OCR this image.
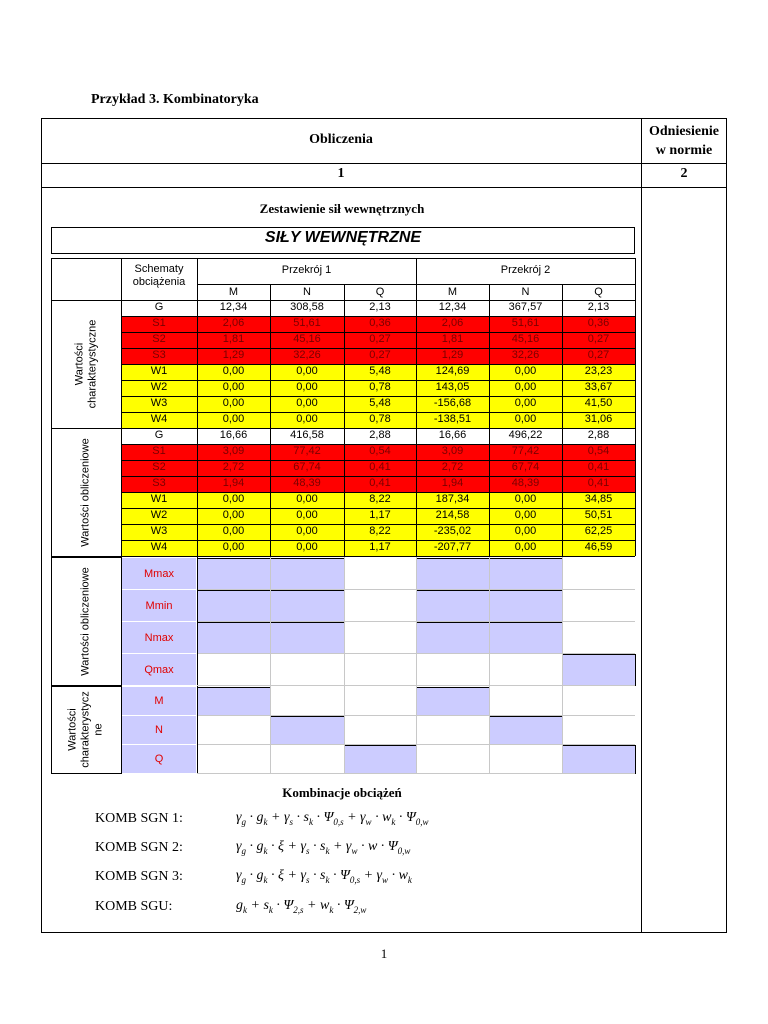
Przykład 3. Kombinatoryka
Obliczenia
Odniesienie
w normie
1	2
Zestawienie sił wewnętrznych
SIŁY WEWNĘTRZNE
Schematy obciążenia
Przekrój 1	Przekrój 2
M	N	Q	M	N	Q
G	12,34	308,58	2,13	12,34	367,57	2,13
S1	2,06	51,61	0,36	2,06	51,61	0,36
S2	1,81	45,16	0,27	1,81	45,16	0,27
S3	1,29	32,26	0,27	1,29	32,26	0,27
W1	0,00	0,00	5,48	124,69	0,00	23,23
W2	0,00	0,00	0,78	143,05	0,00	33,67
W3	0,00	0,00	5,48	-156,68	0,00	41,50
W4	0,00	0,00	0,78	-138,51	0,00	31,06
G	16,66	416,58	2,88	16,66	496,22	2,88
S1	3,09	77,42	0,54	3,09	77,42	0,54
S2	2,72	67,74	0,41	2,72	67,74	0,41
S3	1,94	48,39	0,41	1,94	48,39	0,41
W1	0,00	0,00	8,22	187,34	0,00	34,85
W2	0,00	0,00	1,17	214,58	0,00	50,51
W3	0,00	0,00	8,22	-235,02	0,00	62,25
W4	0,00	0,00	1,17	-207,77	0,00	46,59
Wartości charakterystyczne
Wartości obliczeniowe
Wartości obliczeniowe	Mmax
Mmin
Nmax
Qmax
Wartości charakterystycz ne
M
N
Q
Kombinacje obciążeń
KOMB SGN 1:	$\gamma_g \cdot g_k + \gamma_s \cdot s_k \cdot \Psi_{0,s} + \gamma_w \cdot w_k \cdot \Psi_{0,w}$
KOMB SGN 2:	$\gamma_g \cdot g_k \cdot \xi + \gamma_s \cdot s_k + \gamma_w \cdot w \cdot \Psi_{0,w}$
KOMB SGN 3:	$\gamma_g \cdot g_k \cdot \xi + \gamma_s \cdot s_k \cdot \Psi_{0,s} + \gamma_w \cdot w_k$
KOMB SGU:	$g_k + s_k \cdot \Psi_{2,s} + w_k \cdot \Psi_{2,w}$
1
